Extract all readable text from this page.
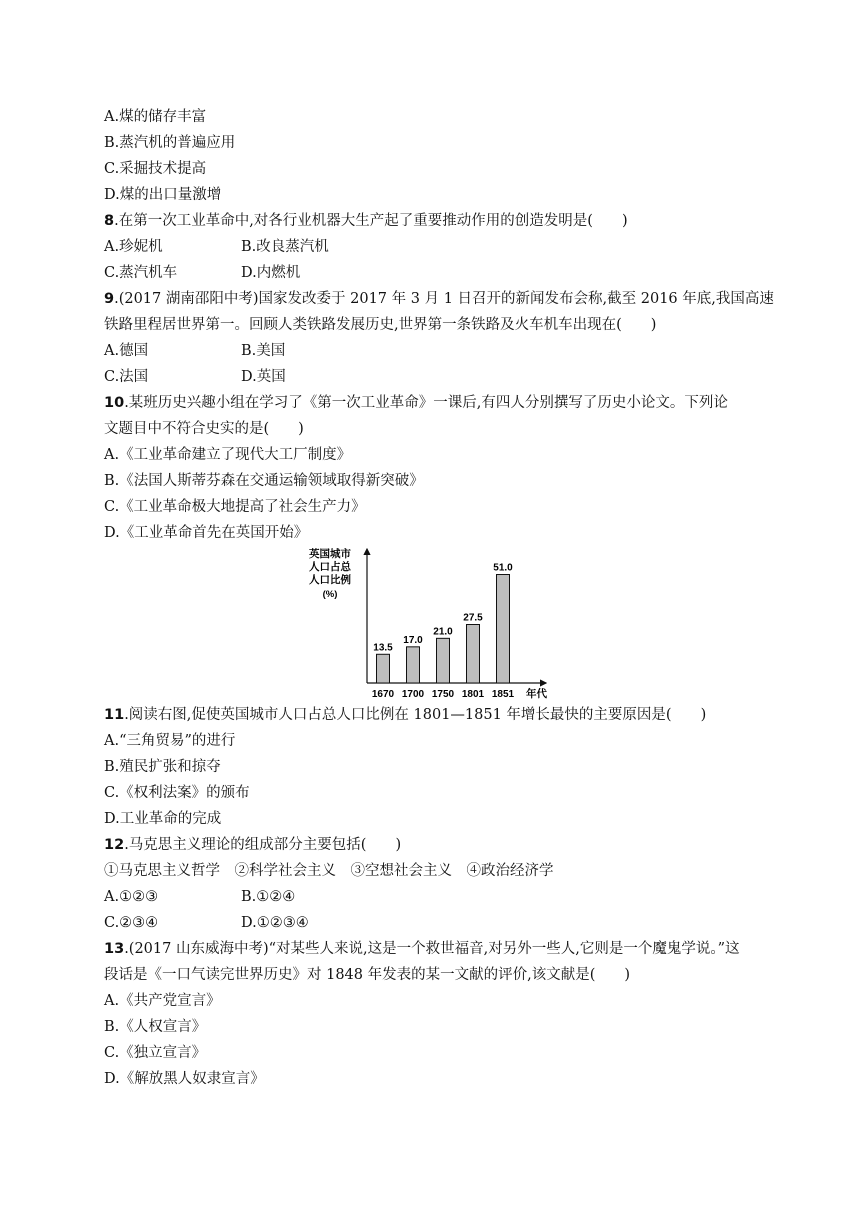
A.煤的储存丰富
B.蒸汽机的普遍应用
C.采掘技术提高
D.煤的出口量激增
8.在第一次工业革命中,对各行业机器大生产起了重要推动作用的创造发明是(　　)
A.珍妮机	B.改良蒸汽机
C.蒸汽机车	D.内燃机
9.(2017 湖南邵阳中考)国家发改委于 2017 年 3 月 1 日召开的新闻发布会称,截至 2016 年底,我国高速
铁路里程居世界第一。回顾人类铁路发展历史,世界第一条铁路及火车机车出现在(　　)
A.德国	B.美国
C.法国	D.英国
10.某班历史兴趣小组在学习了《第一次工业革命》一课后,有四人分别撰写了历史小论文。下列论
文题目中不符合史实的是(　　)
A.《工业革命建立了现代大工厂制度》
B.《法国人斯蒂芬森在交通运输领域取得新突破》
C.《工业革命极大地提高了社会生产力》
D.《工业革命首先在英国开始》
英国城市
人口占总
人口比例
(%)
年代
13.5
1670
17.0
1700
21.0
1750
27.5
1801
51.0
1851
11.阅读右图,促使英国城市人口占总人口比例在 1801—1851 年增长最快的主要原因是(　　)
A.“三角贸易”的进行
B.殖民扩张和掠夺
C.《权利法案》的颁布
D.工业革命的完成
12.马克思主义理论的组成部分主要包括(　　)
①马克思主义哲学　②科学社会主义　③空想社会主义　④政治经济学
A.①②③	B.①②④
C.②③④	D.①②③④
13.(2017 山东威海中考)“对某些人来说,这是一个救世福音,对另外一些人,它则是一个魔鬼学说。”这
段话是《一口气读完世界历史》对 1848 年发表的某一文献的评价,该文献是(　　)
A.《共产党宣言》
B.《人权宣言》
C.《独立宣言》
D.《解放黑人奴隶宣言》
